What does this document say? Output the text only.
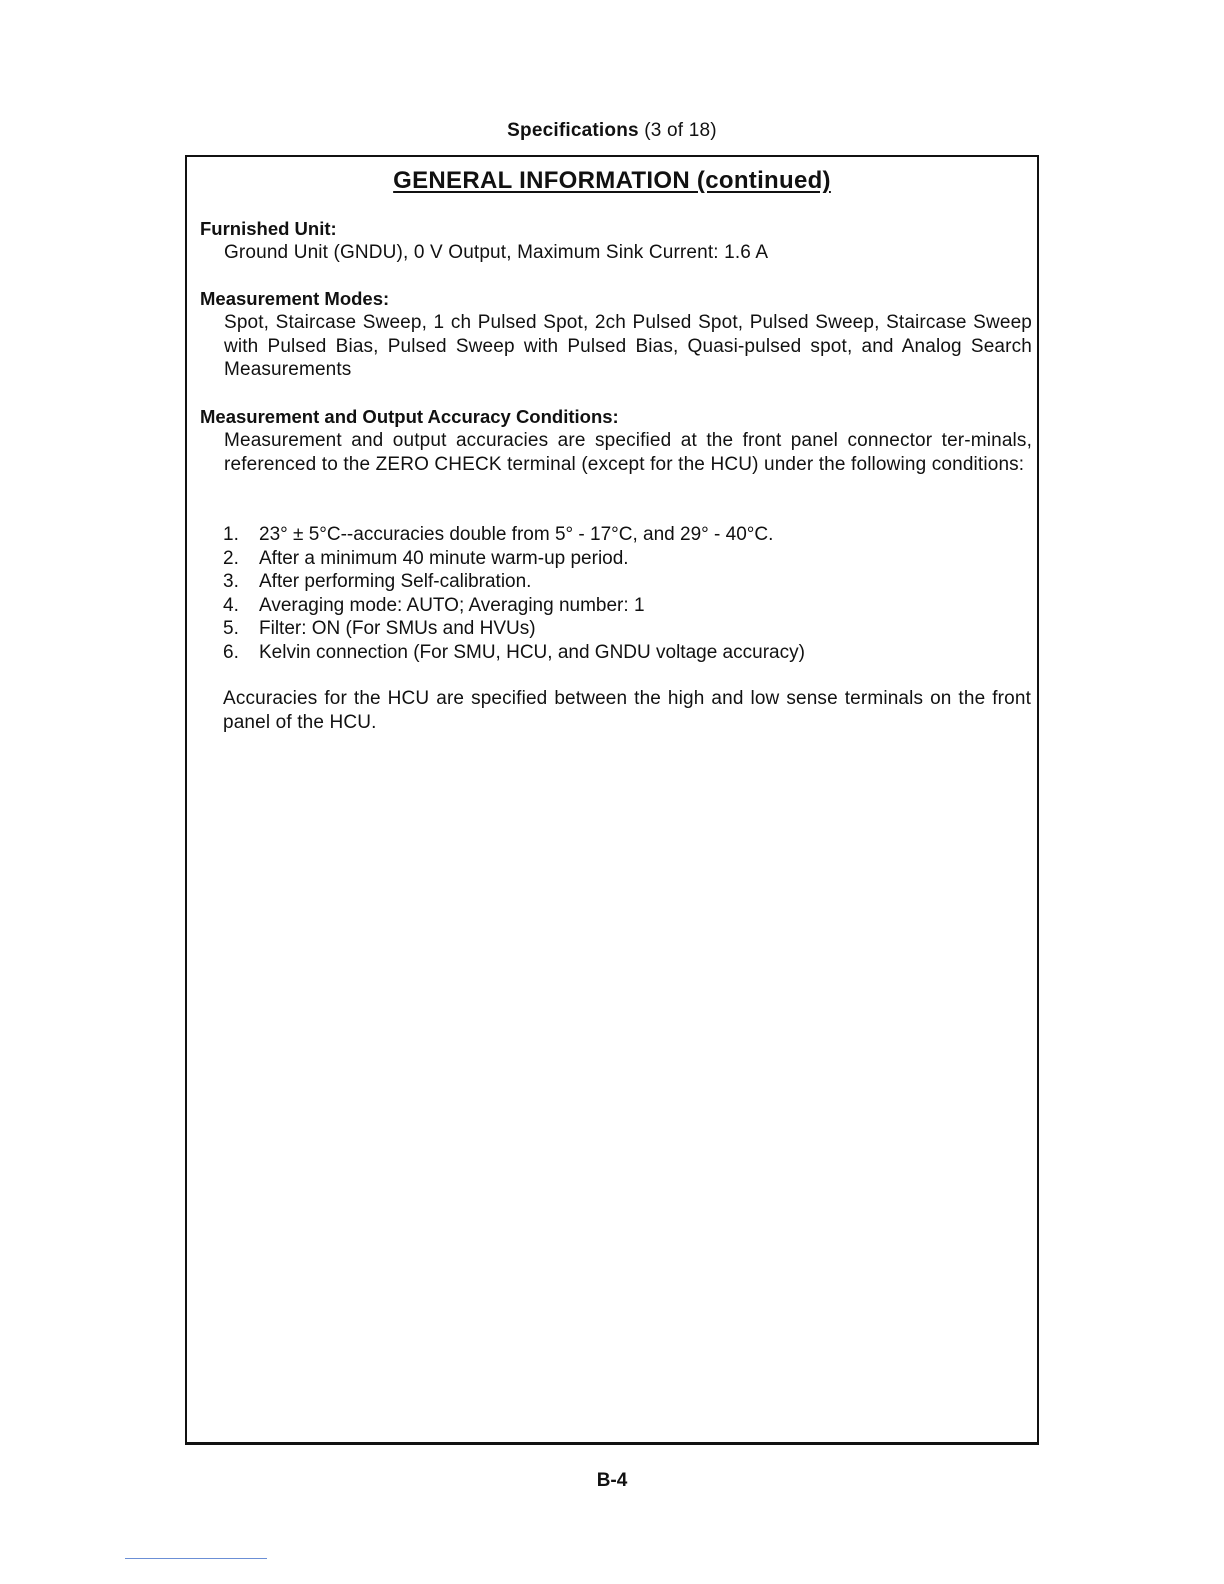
Specifications (3 of 18)
GENERAL INFORMATION (continued)
Furnished Unit:
Ground Unit (GNDU), 0 V Output, Maximum Sink Current: 1.6 A
Measurement Modes:
Spot, Staircase Sweep, 1 ch Pulsed Spot, 2ch Pulsed Spot, Pulsed Sweep, Staircase Sweep with Pulsed Bias, Pulsed Sweep with Pulsed Bias, Quasi-pulsed spot, and Analog Search Measurements
Measurement and Output Accuracy Conditions:
Measurement and output accuracies are specified at the front panel connector ter-minals, referenced to the ZERO CHECK terminal (except for the HCU) under the following conditions:
1.	23° ± 5°C--accuracies double from 5° - 17°C, and 29° - 40°C.
2.	After a minimum 40 minute warm-up period.
3.	After performing Self-calibration.
4.	Averaging mode: AUTO; Averaging number: 1
5.	Filter: ON (For SMUs and HVUs)
6.	Kelvin connection (For SMU, HCU, and GNDU voltage accuracy)
Accuracies for the HCU are specified between the high and low sense terminals on the front panel of the HCU.
B-4
